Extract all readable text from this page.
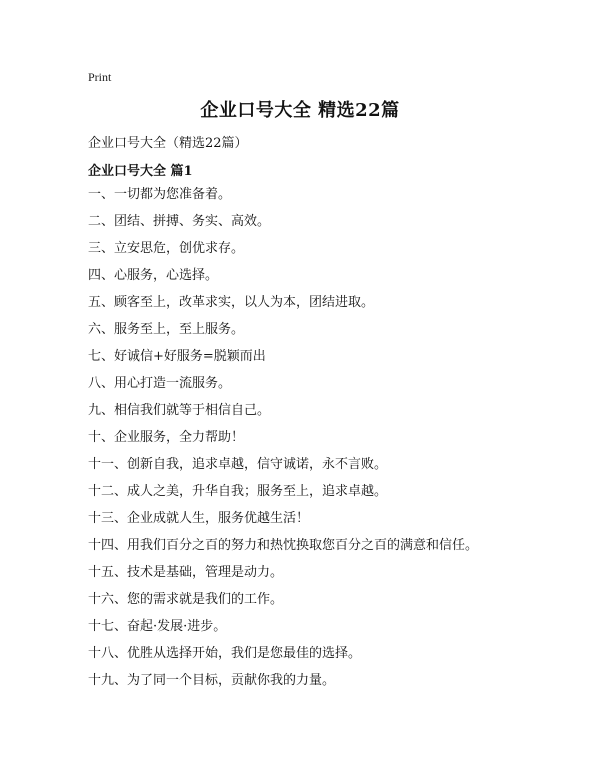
Print
企业口号大全 精选22篇
企业口号大全（精选22篇）
企业口号大全 篇1
一、一切都为您准备着。
二、团结、拼搏、务实、高效。
三、立安思危，创优求存。
四、心服务，心选择。
五、顾客至上，改革求实，以人为本，团结进取。
六、服务至上，至上服务。
七、好诚信+好服务=脱颖而出
八、用心打造一流服务。
九、相信我们就等于相信自己。
十、企业服务，全力帮助！
十一、创新自我，追求卓越，信守诚诺，永不言败。
十二、成人之美，升华自我；服务至上，追求卓越。
十三、企业成就人生，服务优越生活！
十四、用我们百分之百的努力和热忱换取您百分之百的满意和信任。
十五、技术是基础，管理是动力。
十六、您的需求就是我们的工作。
十七、奋起·发展·进步。
十八、优胜从选择开始，我们是您最佳的选择。
十九、为了同一个目标，贡献你我的力量。
